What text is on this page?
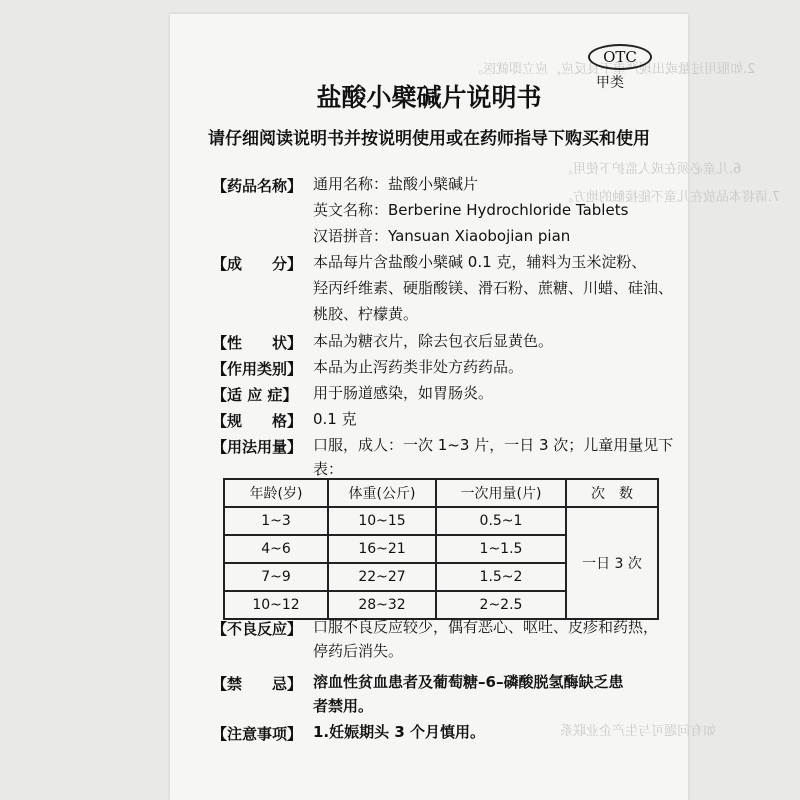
2.如服用过量或出现严重不良反应，应立即就医。
6.儿童必须在成人监护下使用。
7.请将本品放在儿童不能接触的地方。
如有问题可与生产企业联系
OTC
甲类
盐酸小檗碱片说明书
请仔细阅读说明书并按说明使用或在药师指导下购买和使用
【药品名称】 通用名称：盐酸小檗碱片
英文名称：Berberine Hydrochloride Tablets
汉语拼音：Yansuan Xiaobojian pian
【成　　分】 本品每片含盐酸小檗碱 0.1 克，辅料为玉米淀粉、
羟丙纤维素、硬脂酸镁、滑石粉、蔗糖、川蜡、硅油、
桃胶、柠檬黄。
【性　　状】 本品为糖衣片，除去包衣后显黄色。
【作用类别】 本品为止泻药类非处方药药品。
【适 应 症】 用于肠道感染，如胃肠炎。
【规　　格】 0.1 克
【用法用量】 口服，成人：一次 1~3 片，一日 3 次；儿童用量见下
表：
年龄(岁)	体重(公斤)	一次用量(片)	次　数
1~3	10~15	0.5~1	一日 3 次
4~6	16~21	1~1.5	
7~9	22~27	1.5~2	
10~12	28~32	2~2.5	
【不良反应】 口服不良反应较少，偶有恶心、呕吐、皮疹和药热，
停药后消失。
【禁　　忌】 溶血性贫血患者及葡萄糖–6–磷酸脱氢酶缺乏患
者禁用。
【注意事项】 1.妊娠期头 3 个月慎用。
